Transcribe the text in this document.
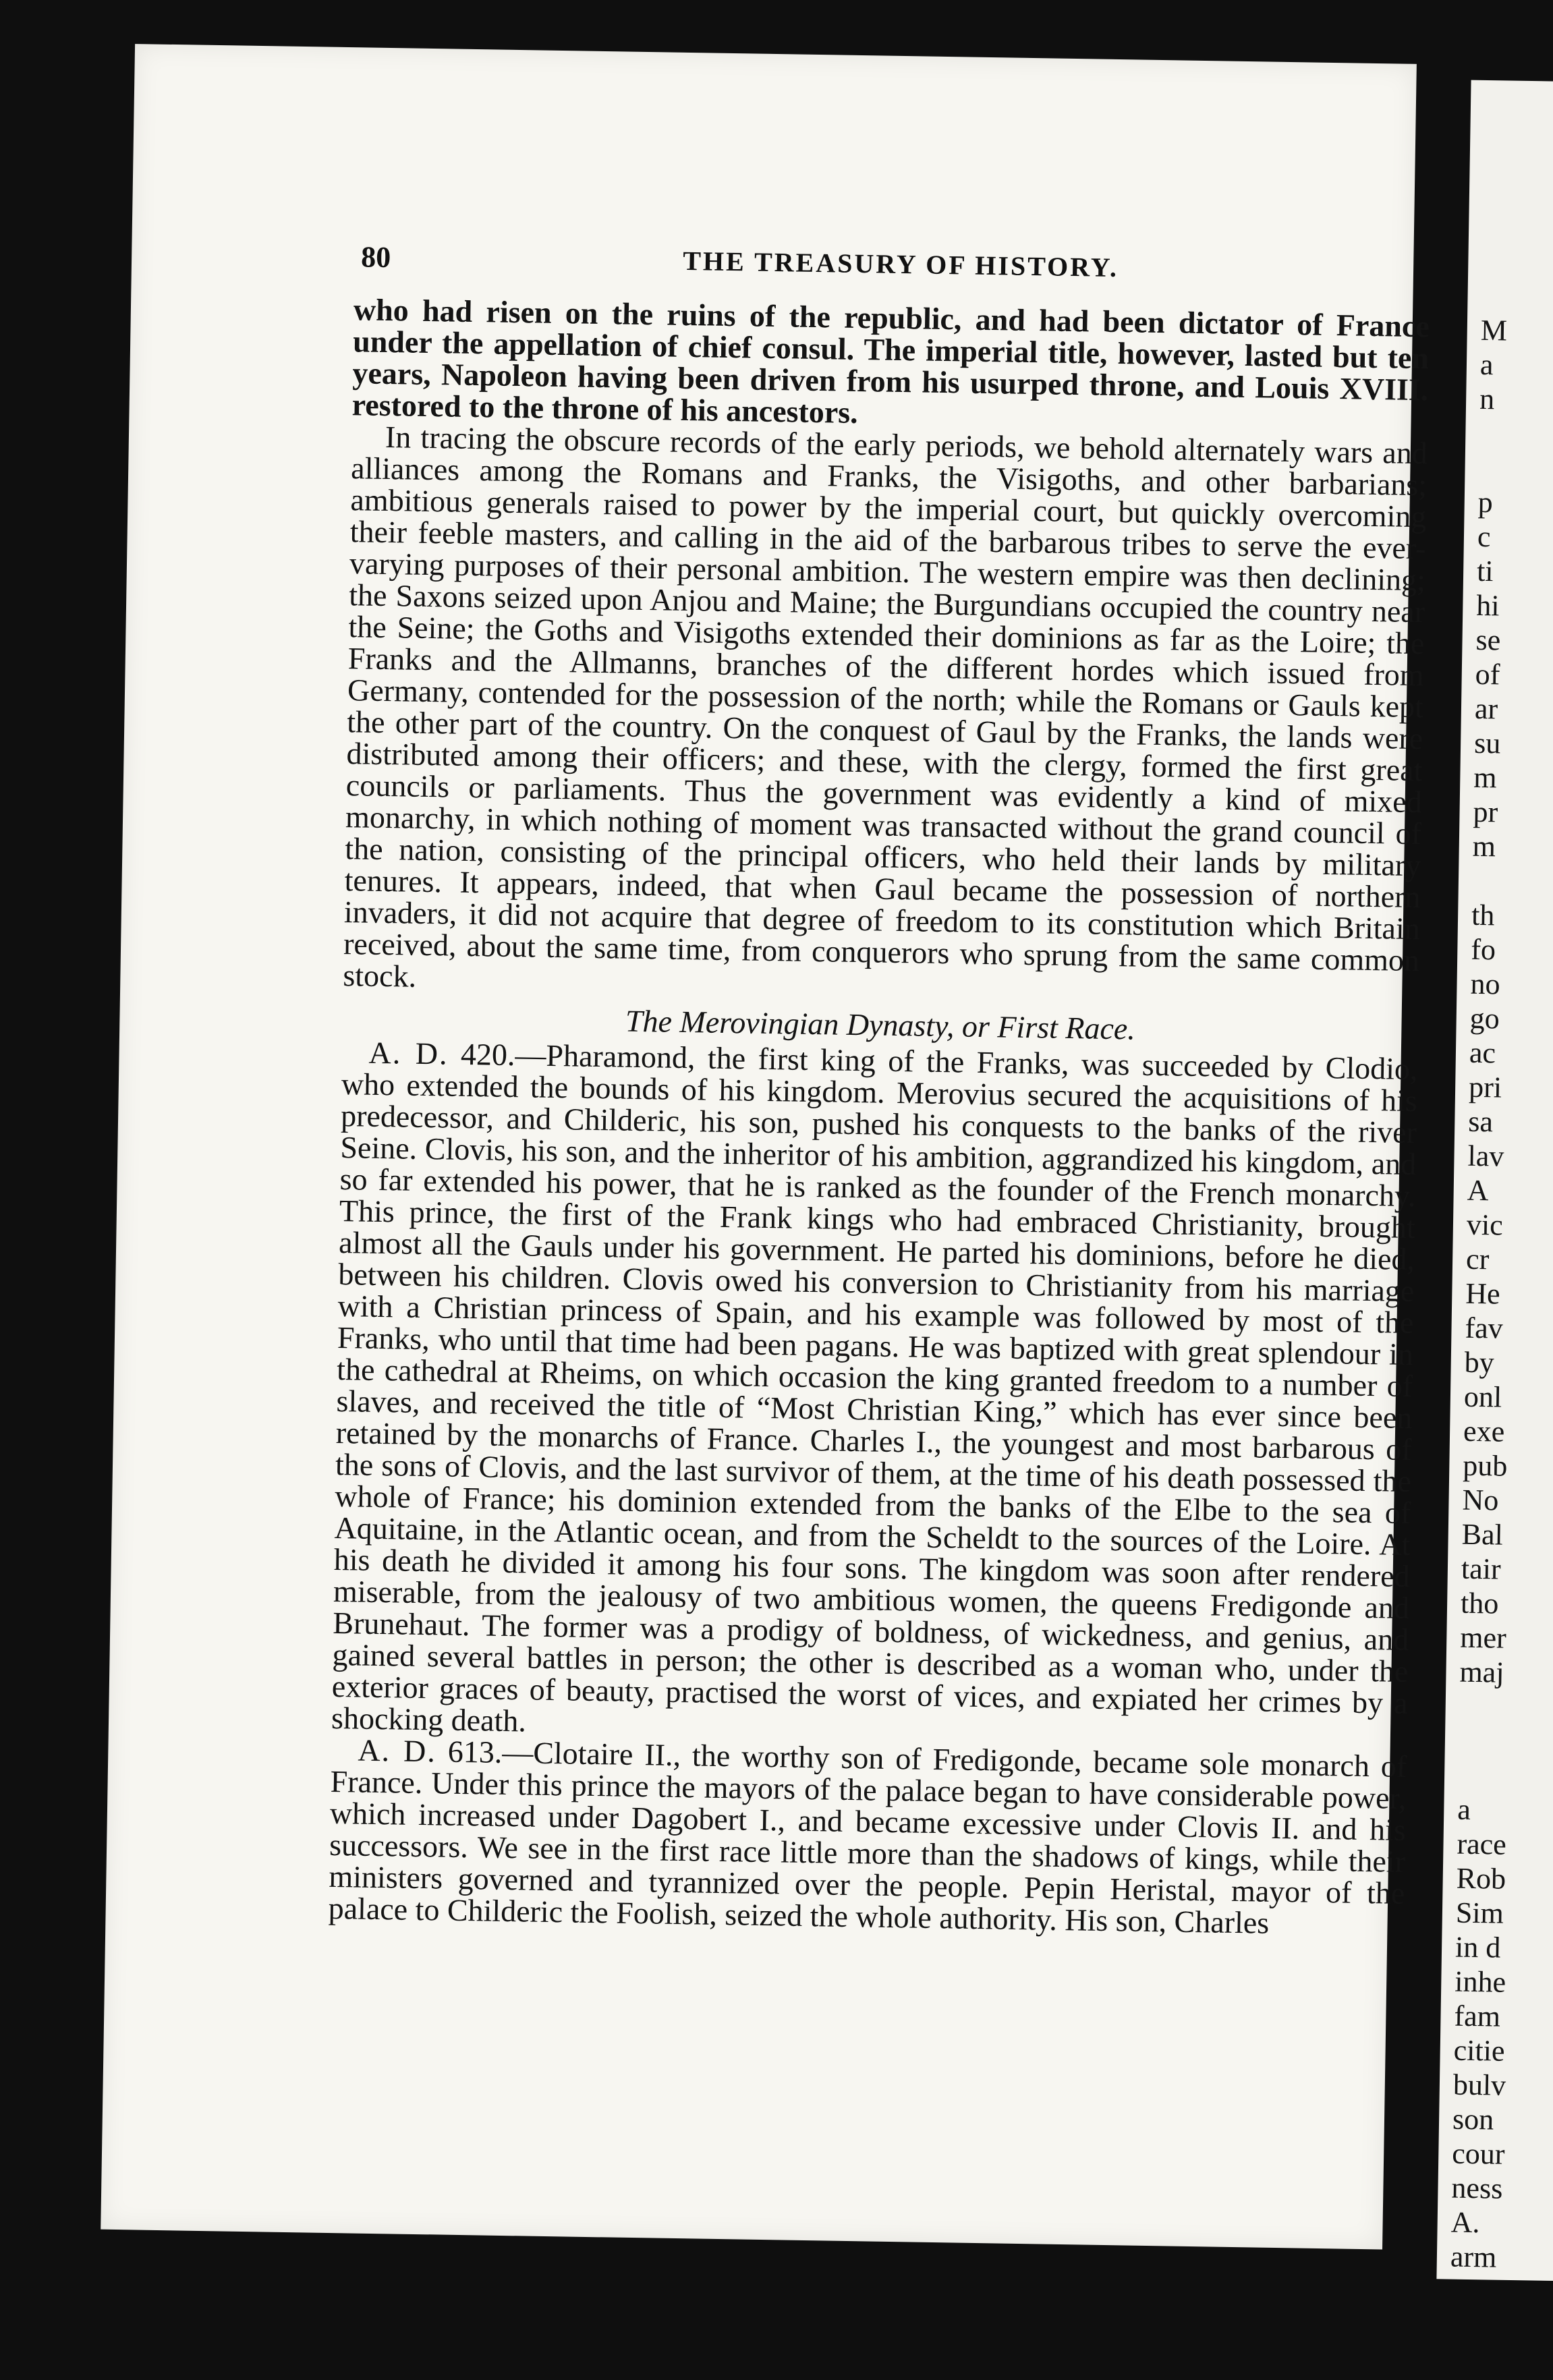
80	THE TREASURY OF HISTORY.

who had risen on the ruins of the republic, and had been dictator of France under the appellation of chief consul. The imperial title, however, lasted but ten years, Napoleon having been driven from his usurped throne, and Louis XVIII. restored to the throne of his ancestors.

In tracing the obscure records of the early periods, we behold alternately wars and alliances among the Romans and Franks, the Visigoths, and other barbarians; ambitious generals raised to power by the imperial court, but quickly overcoming their feeble masters, and calling in the aid of the barbarous tribes to serve the ever-varying purposes of their personal ambition. The western empire was then declining; the Saxons seized upon Anjou and Maine; the Burgundians occupied the country near the Seine; the Goths and Visigoths extended their dominions as far as the Loire; the Franks and the Allmanns, branches of the different hordes which issued from Germany, contended for the possession of the north; while the Romans or Gauls kept the other part of the country. On the conquest of Gaul by the Franks, the lands were distributed among their officers; and these, with the clergy, formed the first great councils or parliaments. Thus the government was evidently a kind of mixed monarchy, in which nothing of moment was transacted without the grand council of the nation, consisting of the principal officers, who held their lands by military tenures. It appears, indeed, that when Gaul became the possession of northern invaders, it did not acquire that degree of freedom to its constitution which Britain received, about the same time, from conquerors who sprung from the same common stock.

The Merovingian Dynasty, or First Race.

A. D. 420.—Pharamond, the first king of the Franks, was succeeded by Clodio, who extended the bounds of his kingdom. Merovius secured the acquisitions of his predecessor, and Childeric, his son, pushed his conquests to the banks of the river Seine. Clovis, his son, and the inheritor of his ambition, aggrandized his kingdom, and so far extended his power, that he is ranked as the founder of the French monarchy. This prince, the first of the Frank kings who had embraced Christianity, brought almost all the Gauls under his government. He parted his dominions, before he died, between his children. Clovis owed his conversion to Christianity from his marriage with a Christian princess of Spain, and his example was followed by most of the Franks, who until that time had been pagans. He was baptized with great splendour in the cathedral at Rheims, on which occasion the king granted freedom to a number of slaves, and received the title of “Most Christian King,” which has ever since been retained by the monarchs of France. Charles I., the youngest and most barbarous of the sons of Clovis, and the last survivor of them, at the time of his death possessed the whole of France; his dominion extended from the banks of the Elbe to the sea of Aquitaine, in the Atlantic ocean, and from the Scheldt to the sources of the Loire. At his death he divided it among his four sons. The kingdom was soon after rendered miserable, from the jealousy of two ambitious women, the queens Fredigonde and Brunehaut. The former was a prodigy of boldness, of wickedness, and genius, and gained several battles in person; the other is described as a woman who, under the exterior graces of beauty, practised the worst of vices, and expiated her crimes by a shocking death.

A. D. 613.—Clotaire II., the worthy son of Fredigonde, became sole monarch of France. Under this prince the mayors of the palace began to have considerable power, which increased under Dagobert I., and became excessive under Clovis II. and his successors. We see in the first race little more than the shadows of kings, while their ministers governed and tyrannized over the people. Pepin Heristal, mayor of the palace to Childeric the Foolish, seized the whole authority. His son, Charles

M
a
n

p
c
ti
hi
se
of
ar
su
m
pr
m

th
fo
no
go
ac
pri
sa
lav
A
vic
cr
He
fav
by
onl
exe
pub
No
Bal
tair
tho
mer
maj

a
race
Rob
Sim
in d
inhe
fam
citie
bulv
son
cour
ness
A.
arm
